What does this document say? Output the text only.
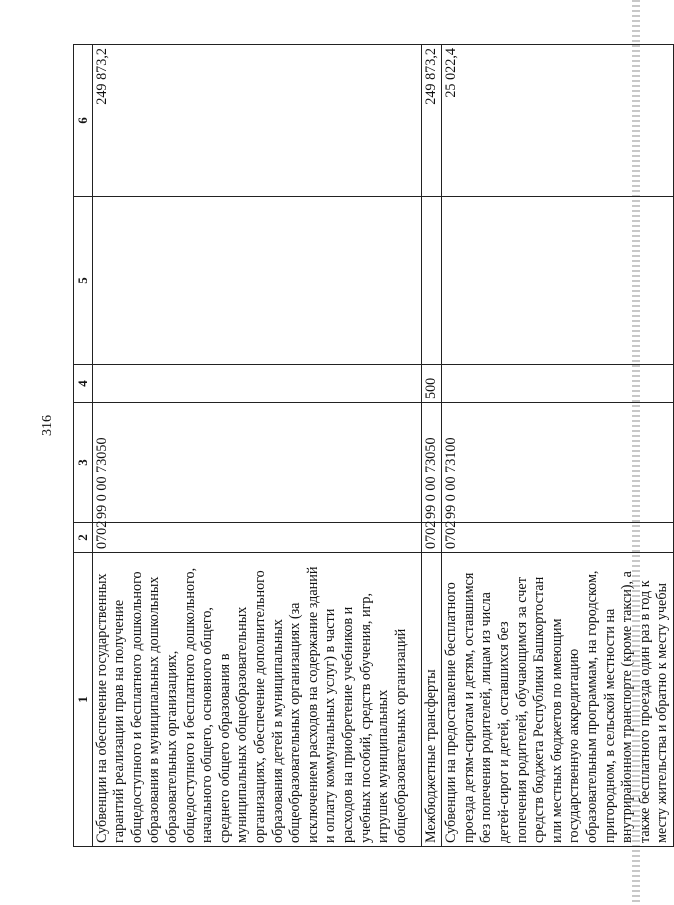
316
1	2	3	4	5	6
Субвенции на обеспечение государственных гарантий реализации прав на получение общедоступного и бесплатного дошкольного образования в муниципальных дошкольных образовательных организациях, общедоступного и бесплатного дошкольного, начального общего, основного общего, среднего общего образования в муниципальных общеобразовательных организациях, обеспечение дополнительного образования детей в муниципальных общеобразовательных организациях (за исключением расходов на содержание зданий и оплату коммунальных услуг) в части расходов на приобретение учебников и учебных пособий, средств обучения, игр, игрушек муниципальных общеобразовательных организаций	0702	99 0 00 73050			249 873,2
Межбюджетные трансферты	0702	99 0 00 73050	500		249 873,2
Субвенции на предоставление бесплатного проезда детям-сиротам и детям, оставшимся без попечения родителей, лицам из числа детей-сирот и детей, оставшихся без попечения родителей, обучающимся за счет средств бюджета Республики Башкортостан или местных бюджетов по имеющим государственную аккредитацию образовательным программам, на городском, пригородном, в сельской местности на внутрирайонном транспорте (кроме такси), а также бесплатного проезда один раз в год к месту жительства и обратно к месту учебы	0702	99 0 00 73100			25 022,4
